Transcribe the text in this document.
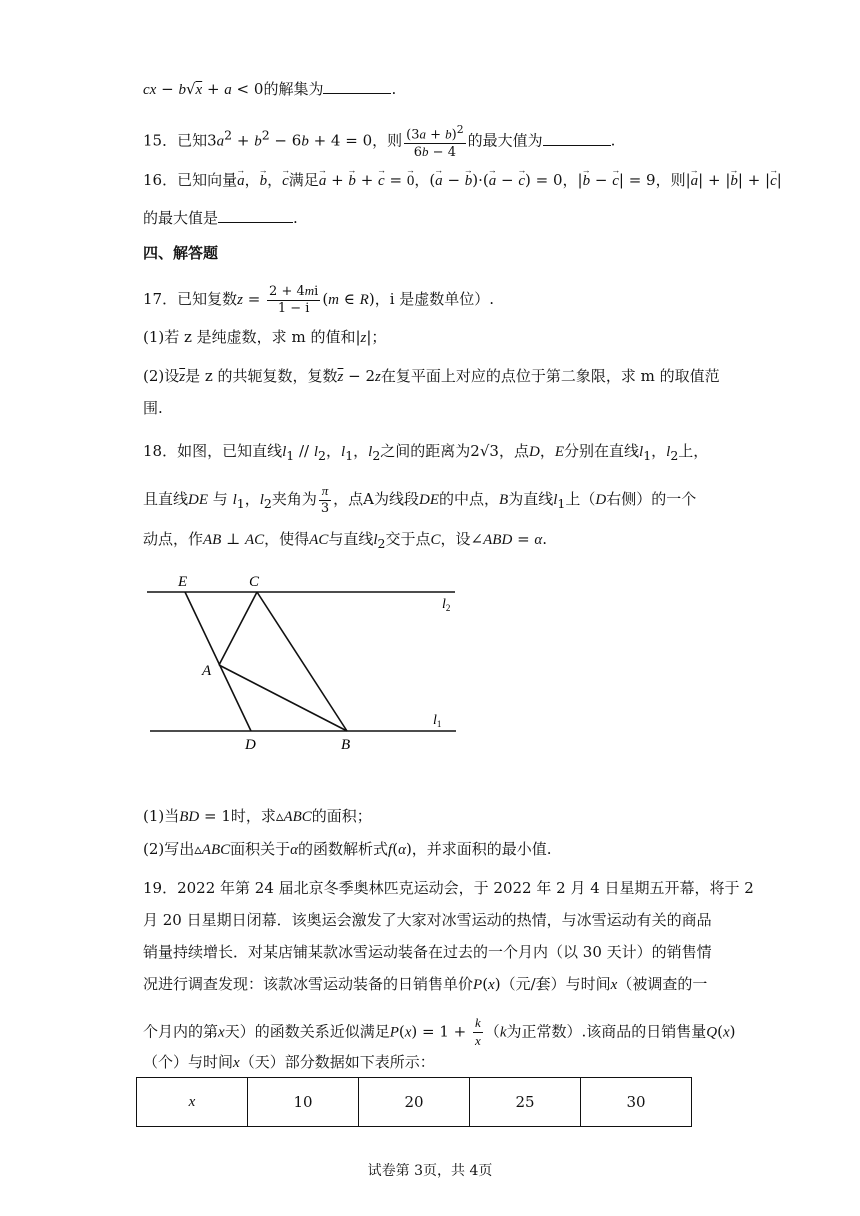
cx − b√x + a < 0的解集为	.
15．已知$3a^2 + b^2 - 6b + 4 = 0$，则 $\frac{(3a + b)^2}{6b - 4}$ 的最大值为	.
16．已知向量→ a，→ b，→ c满足→ a + → b + → c = → 0，(→ a − → b)·(→ a − → c) = 0，|→ b − → c| = 9，则|→ a| + |→ b| + |→ c|
的最大值是	.
四、解答题
17．已知复数$z = \frac{2 + 4mi}{1 - i} (m$ ∈ R)，i 是虚数单位）.
(1)若 z 是纯虚数，求 m 的值和|z|；
(2)设$\overline{z}$是 z 的共轭复数，复数$\overline{z} - 2z$在复平面上对应的点位于第二象限，求 m 的取值范
围.
18．如图，已知直线$l_1 // l_2$，$l_1$，$l_2$之间的距离为2√3，点D，E分别在直线$l_1$，$l_2$上，
且直线DE 与 $l_1$，$l_2$夹角为 $\frac{\pi}{3}$ ，点A为线段DE的中点，B为直线$l_1$上（D右侧）的一个
动点，作AB ⊥ AC，使得AC与直线$l_2$交于点C，设∠ABD = α.
E	C
A
D	B
$l_2$
$l_1$
(1)当BD = 1时，求▵ABC的面积；
(2)写出▵ABC面积关于α的函数解析式f(α)，并求面积的最小值.
19．2022 年第 24 届北京冬季奥林匹克运动会，于 2022 年 2 月 4 日星期五开幕，将于 2
月 20 日星期日闭幕．该奥运会激发了大家对冰雪运动的热情，与冰雪运动有关的商品
销量持续增长．对某店铺某款冰雪运动装备在过去的一个月内（以 30 天计）的销售情
况进行调查发现：该款冰雪运动装备的日销售单价P(x)（元/套）与时间x（被调查的一
个月内的第x天）的函数关系近似满足$P(x) = 1 + \frac{k}{x} (k$为正常数）.该商品的日销售量Q(x)
（个）与时间x（天）部分数据如下表所示：
x	10	20	25	30
试卷第 3页，共 4页
